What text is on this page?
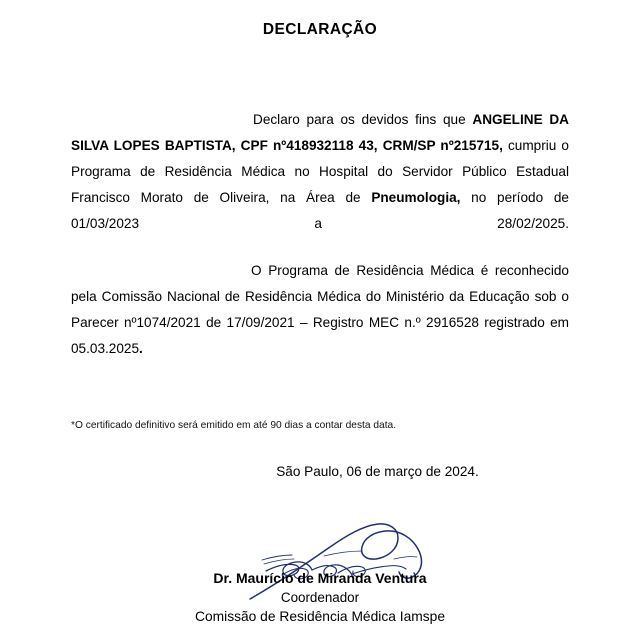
DECLARAÇÃO

Declaro para os devidos fins que ANGELINE DA SILVA LOPES BAPTISTA, CPF nº418932118 43, CRM/SP nº215715, cumpriu o Programa de Residência Médica no Hospital do Servidor Público Estadual Francisco Morato de Oliveira, na Área de Pneumologia, no período de 01/03/2023 a 28/02/2025.

O Programa de Residência Médica é reconhecido pela Comissão Nacional de Residência Médica do Ministério da Educação sob o Parecer nº1074/2021 de 17/09/2021 – Registro MEC n.º 2916528 registrado em 05.03.2025.

*O certificado definitivo será emitido em até 90 dias a contar desta data.
São Paulo, 06 de março de 2024.
Dr. Maurício de Miranda Ventura
Coordenador
Comissão de Residência Médica Iamspe
